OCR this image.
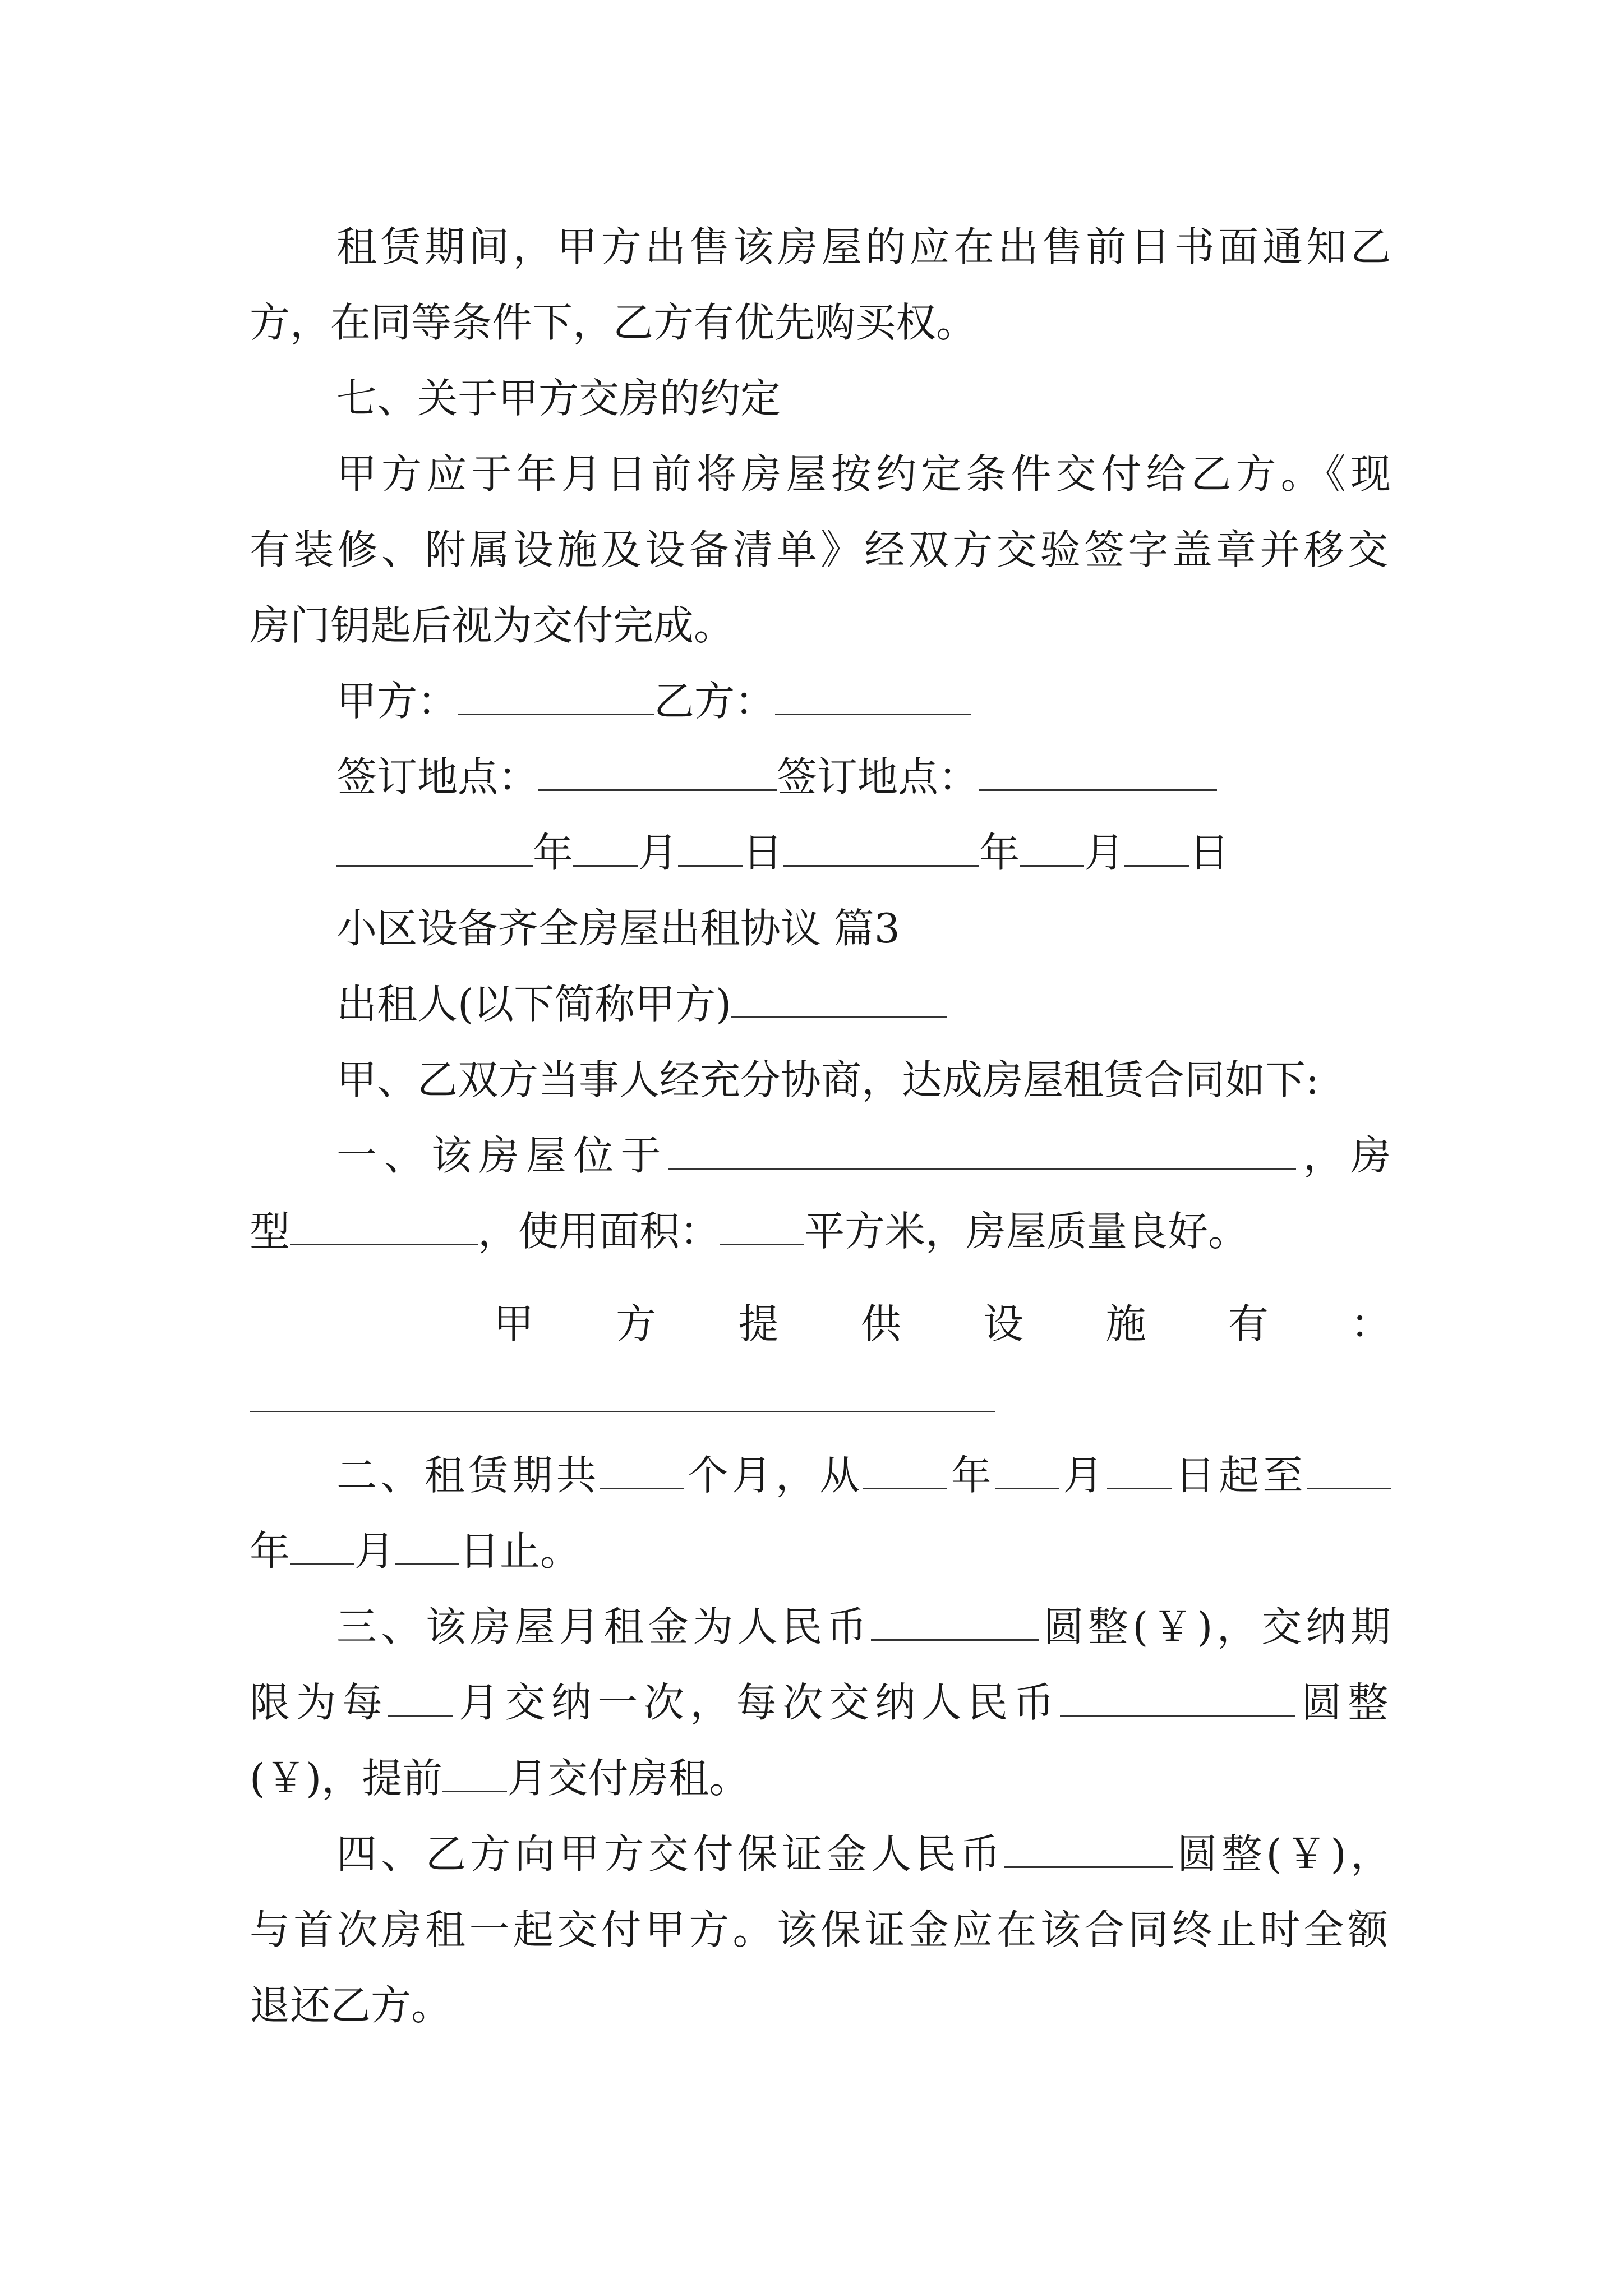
租赁期间，甲方出售该房屋的应在出售前日书面通知乙
方，在同等条件下，乙方有优先购买权。
七、关于甲方交房的约定
甲方应于年月日前将房屋按约定条件交付给乙方。《现
有装修、附属设施及设备清单》经双方交验签字盖章并移交
房门钥匙后视为交付完成。
甲方：	乙方：
签订地点：	签订地点：
年 月 日	年 月 日
小区设备齐全房屋出租协议 篇3
出租人(以下简称甲方)
甲、乙双方当事人经充分协商，达成房屋租赁合同如下:
一、该房屋位于	，房
型	，使用面积： 平方米，房屋质量良好。
甲 方 提 供 设 施 有 ：
二、租赁期共 个月，从 年 月 日起至
年 月 日止。
三、该房屋月租金为人民币	圆整(￥)，交纳期
限为每 月交纳一次，每次交纳人民币	圆整
(￥)，提前 月交付房租。
四、乙方向甲方交付保证金人民币	圆整(￥)，
与首次房租一起交付甲方。该保证金应在该合同终止时全额
退还乙方。
